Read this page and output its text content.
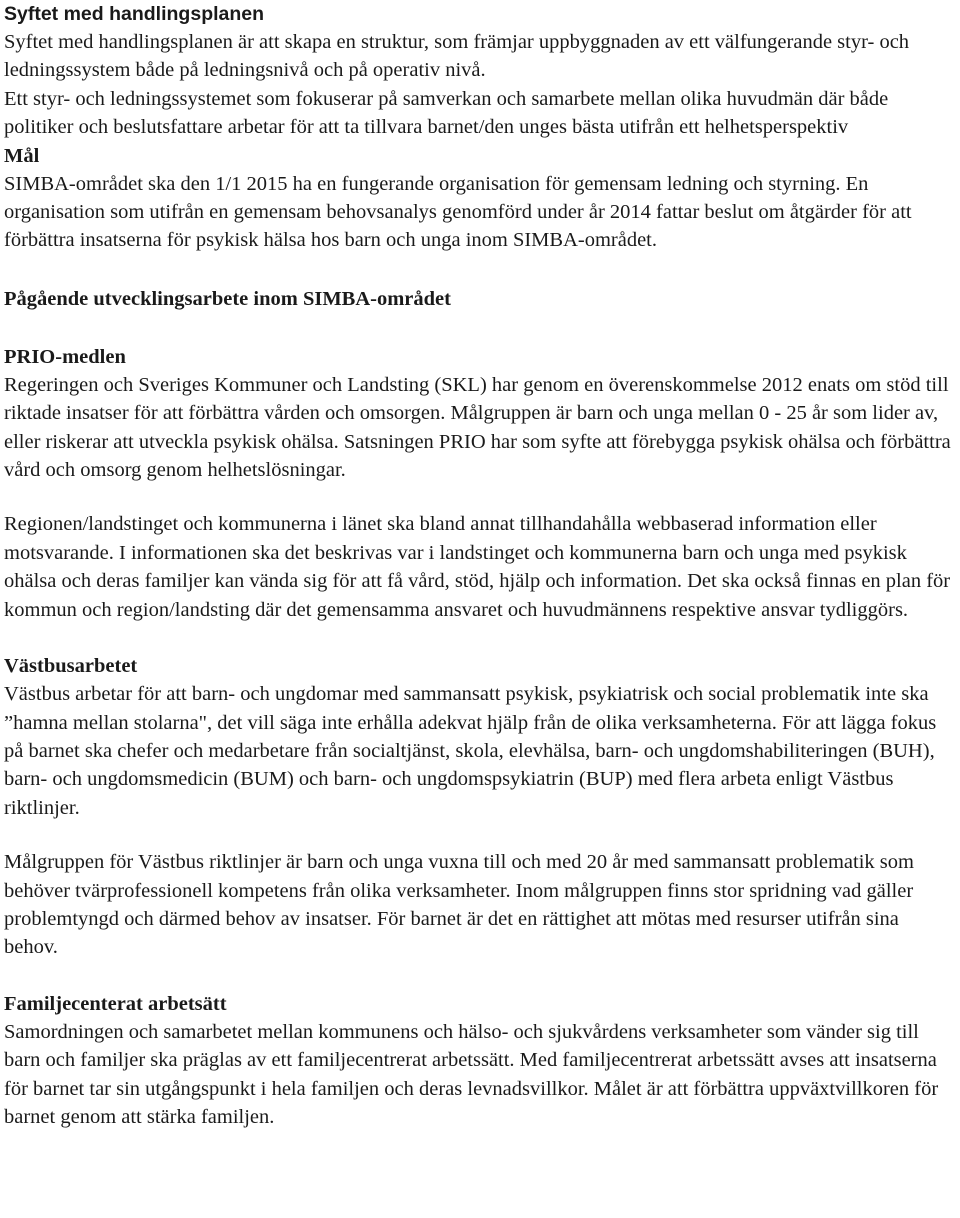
Syftet med handlingsplanen

Syftet med handlingsplanen är att skapa en struktur, som främjar uppbyggnaden av ett välfungerande styr- och ledningssystem både på ledningsnivå och på operativ nivå.

Ett styr- och ledningssystemet som fokuserar på samverkan och samarbete mellan olika huvudmän där både politiker och beslutsfattare arbetar för att ta tillvara barnet/den unges bästa utifrån ett helhetsperspektiv

Mål

SIMBA-området ska den 1/1 2015 ha en fungerande organisation för gemensam ledning och styrning. En organisation som utifrån en gemensam behovsanalys genomförd under år 2014 fattar beslut om åtgärder för att förbättra insatserna för psykisk hälsa hos barn och unga inom SIMBA-området.

Pågående utvecklingsarbete inom SIMBA-området
PRIO-medlen

Regeringen och Sveriges Kommuner och Landsting (SKL) har genom en överenskommelse 2012 enats om stöd till riktade insatser för att förbättra vården och omsorgen. Målgruppen är barn och unga mellan 0 - 25 år som lider av, eller riskerar att utveckla psykisk ohälsa. Satsningen PRIO har som syfte att förebygga psykisk ohälsa och förbättra vård och omsorg genom helhetslösningar.

Regionen/landstinget och kommunerna i länet ska bland annat tillhandahålla webbaserad information eller motsvarande. I informationen ska det beskrivas var i landstinget och kommunerna barn och unga med psykisk ohälsa och deras familjer kan vända sig för att få vård, stöd, hjälp och information. Det ska också finnas en plan för kommun och region/landsting där det gemensamma ansvaret och huvudmännens respektive ansvar tydliggörs.

Västbusarbetet

Västbus arbetar för att barn- och ungdomar med sammansatt psykisk, psykiatrisk och social problematik inte ska ”hamna mellan stolarna", det vill säga inte erhålla adekvat hjälp från de olika verksamheterna. För att lägga fokus på barnet ska chefer och medarbetare från socialtjänst, skola, elevhälsa, barn- och ungdomshabiliteringen (BUH), barn- och ungdomsmedicin (BUM) och barn- och ungdomspsykiatrin (BUP) med flera arbeta enligt Västbus riktlinjer.

Målgruppen för Västbus riktlinjer är barn och unga vuxna till och med 20 år med sammansatt problematik som behöver tvärprofessionell kompetens från olika verksamheter. Inom målgruppen finns stor spridning vad gäller problemtyngd och därmed behov av insatser. För barnet är det en rättighet att mötas med resurser utifrån sina behov.

Familjecenterat arbetsätt

Samordningen och samarbetet mellan kommunens och hälso- och sjukvårdens verksamheter som vänder sig till barn och familjer ska präglas av ett familjecentrerat arbetssätt. Med familjecentrerat arbetssätt avses att insatserna för barnet tar sin utgångspunkt i hela familjen och deras levnadsvillkor. Målet är att förbättra uppväxtvillkoren för barnet genom att stärka familjen.
